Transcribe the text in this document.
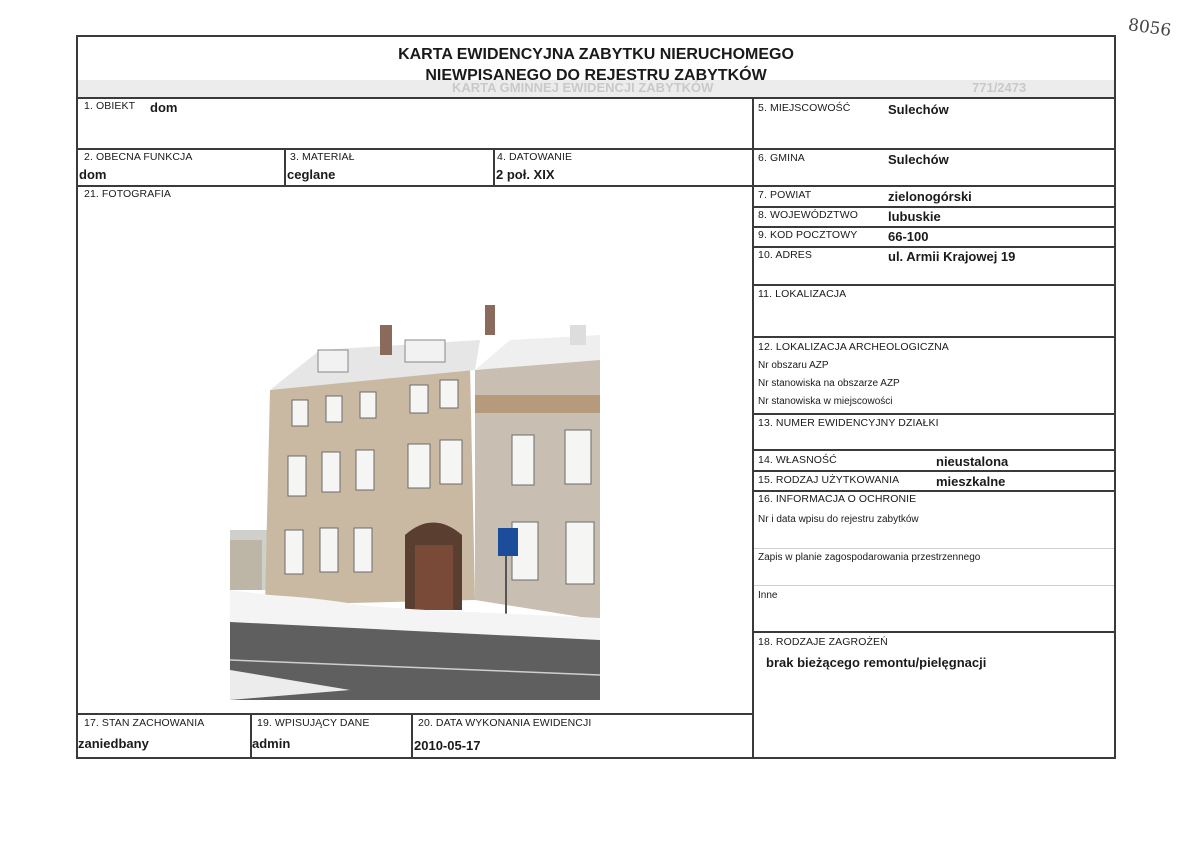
8056
KARTA GMINNEJ EWIDENCJI ZABYTKÓW	771/2473
KARTA EWIDENCYJNA ZABYTKU NIERUCHOMEGO
NIEWPISANEGO DO REJESTRU ZABYTKÓW
1. OBIEKT dom	5. MIEJSCOWOŚĆ	Sulechów
2. OBECNA FUNKCJA
dom
3. MATERIAŁ
ceglane
4. DATOWANIE
2 poł. XIX
6. GMINA	Sulechów
21. FOTOGRAFIA	7. POWIAT	zielonogórski
8. WOJEWÓDZTWO lubuskie
9. KOD POCZTOWY 66-100
10. ADRES	ul. Armii Krajowej 19
11. LOKALIZACJA
12. LOKALIZACJA ARCHEOLOGICZNA
Nr obszaru AZP
Nr stanowiska na obszarze AZP
Nr stanowiska w miejscowości
13. NUMER EWIDENCYJNY DZIAŁKI
14. WŁASNOŚĆ	nieustalona
15. RODZAJ UŻYTKOWANIA	mieszkalne
16. INFORMACJA O OCHRONIE
Nr i data wpisu do rejestru zabytków
Zapis w planie zagospodarowania przestrzennego
Inne
18. RODZAJE ZAGROŻEŃ
brak bieżącego remontu/pielęgnacji
17. STAN ZACHOWANIA
zaniedbany
19. WPISUJĄCY DANE
admin
20. DATA WYKONANIA EWIDENCJI
2010-05-17
